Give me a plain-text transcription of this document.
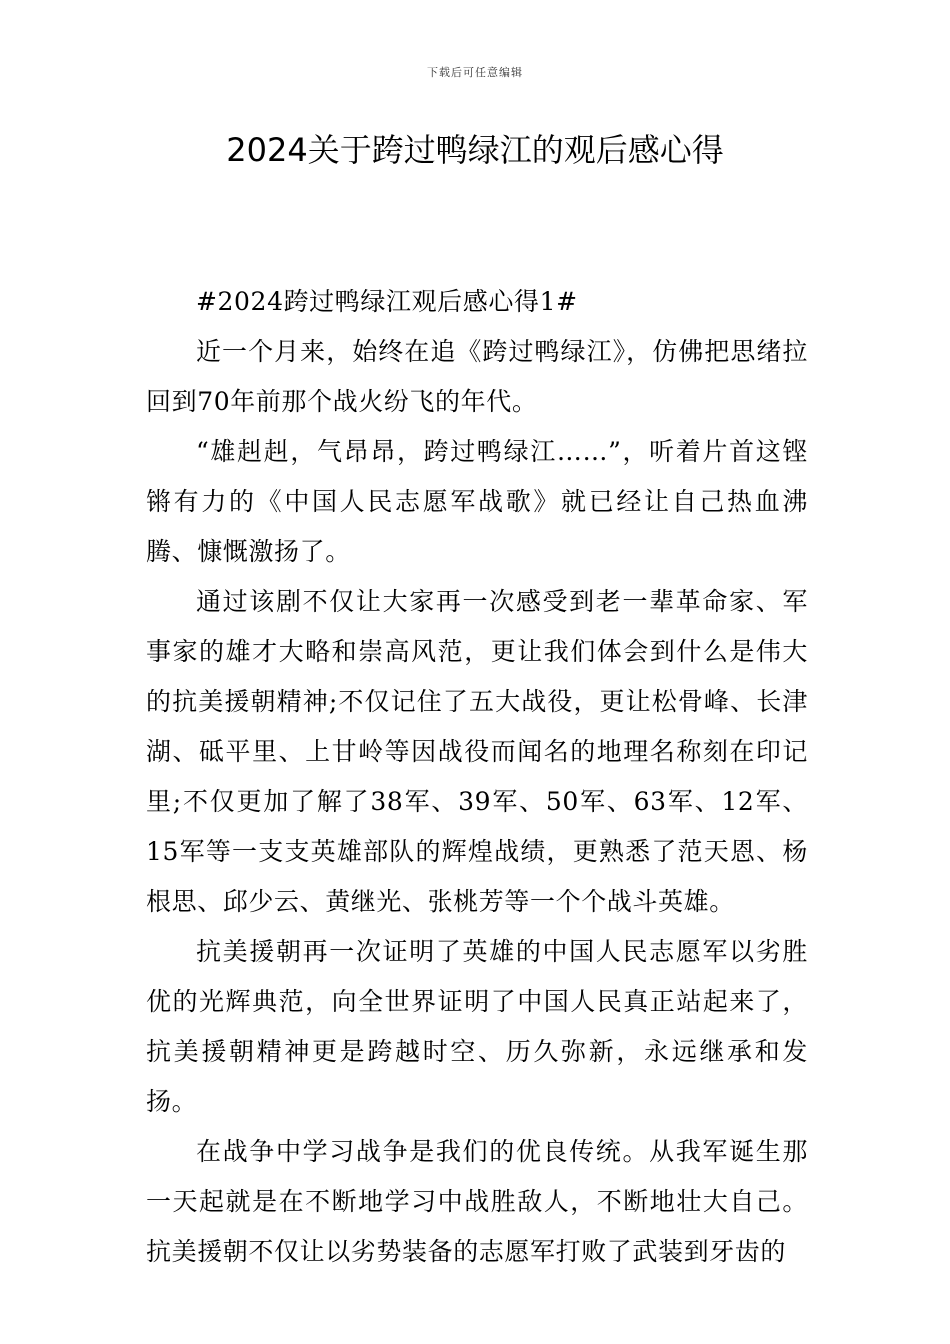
下载后可任意编辑
2024关于跨过鸭绿江的观后感心得

#2024跨过鸭绿江观后感心得1#

近一个月来，始终在追《跨过鸭绿江》，仿佛把思绪拉回到70年前那个战火纷飞的年代。

“雄赳赳，气昂昂，跨过鸭绿江……”，听着片首这铿锵有力的《中国人民志愿军战歌》就已经让自己热血沸腾、慷慨激扬了。

通过该剧不仅让大家再一次感受到老一辈革命家、军事家的雄才大略和崇高风范，更让我们体会到什么是伟大的抗美援朝精神;不仅记住了五大战役，更让松骨峰、长津湖、砥平里、上甘岭等因战役而闻名的地理名称刻在印记里;不仅更加了解了38军、39军、50军、63军、12军、15军等一支支英雄部队的辉煌战绩，更熟悉了范天恩、杨根思、邱少云、黄继光、张桃芳等一个个战斗英雄。

抗美援朝再一次证明了英雄的中国人民志愿军以劣胜优的光辉典范，向全世界证明了中国人民真正站起来了，抗美援朝精神更是跨越时空、历久弥新，永远继承和发扬。

在战争中学习战争是我们的优良传统。从我军诞生那一天起就是在不断地学习中战胜敌人，不断地壮大自己。抗美援朝不仅让以劣势装备的志愿军打败了武装到牙齿的
